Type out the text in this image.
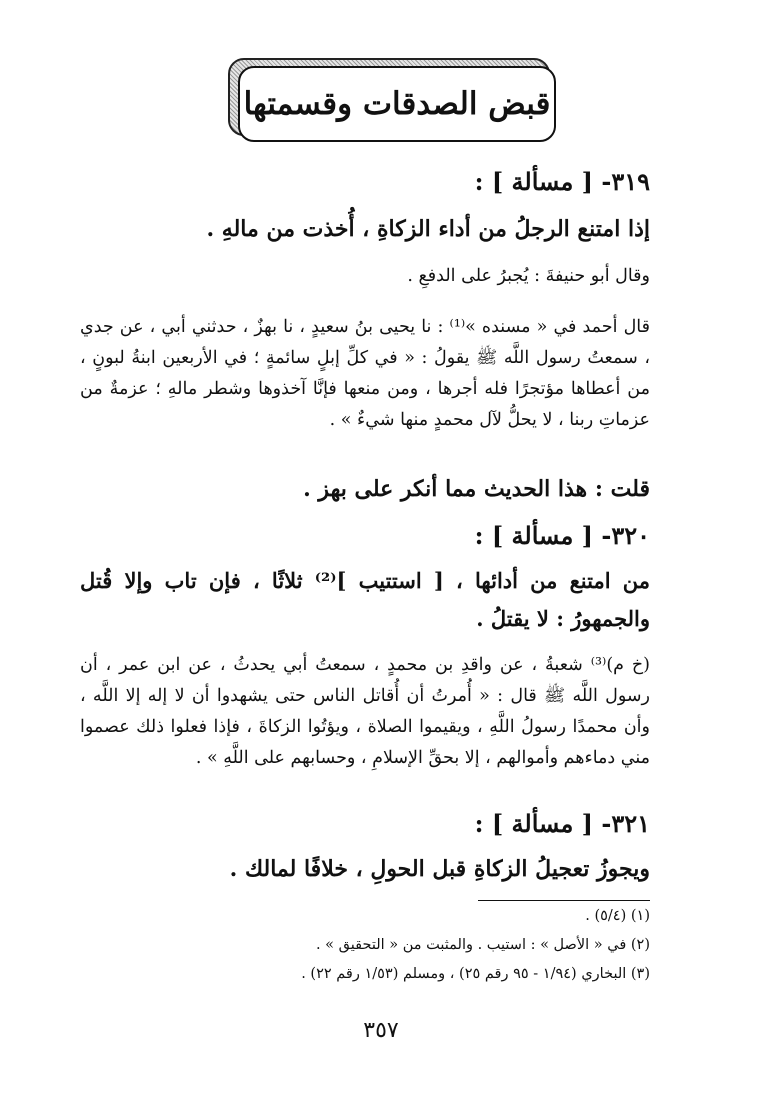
قبض الصدقات وقسمتها
٣١٩- [ مسألة ] :
إذا امتنع الرجلُ من أداء الزكاةِ ، أُخذت من مالهِ .
وقال أبو حنيفةَ : يُجبرُ على الدفعِ .
قال أحمد في « مسنده »⁽¹⁾ : نا يحيى بنُ سعيدٍ ، نا بهزٌ ، حدثني أبي ، عن جدي ، سمعتُ رسول اللَّه ﷺ يقولُ : « في كلِّ إبلٍ سائمةٍ ؛ في الأربعين ابنةُ لبونٍ ، من أعطاها مؤتجرًا فله أجرها ، ومن منعها فإنَّا آخذوها وشطر مالهِ ؛ عزمةٌ من عزماتِ ربنا ، لا يحلُّ لآل محمدٍ منها شيءٌ » .
قلت : هذا الحديث مما أنكر على بهز .
٣٢٠- [ مسألة ] :
من امتنع من أدائها ، [ استتيب ]⁽²⁾ ثلاثًا ، فإن تاب وإلا قُتل والجمهورُ : لا يقتلُ .
(خ م)⁽³⁾ شعبةُ ، عن واقدِ بن محمدٍ ، سمعتُ أبي يحدثُ ، عن ابن عمر ، أن رسول اللَّه ﷺ قال : « أُمرتُ أن أُقاتل الناس حتى يشهدوا أن لا إله إلا اللَّه ، وأن محمدًا رسولُ اللَّهِ ، ويقيموا الصلاة ، ويؤتُوا الزكاةَ ، فإذا فعلوا ذلك عصموا مني دماءهم وأموالهم ، إلا بحقِّ الإسلامِ ، وحسابهم على اللَّهِ » .
٣٢١- [ مسألة ] :
ويجوزُ تعجيلُ الزكاةِ قبل الحولِ ، خلافًا لمالك .
(١) (٥/٤) .
(٢) في « الأصل » : استيب . والمثبت من « التحقيق » .
(٣) البخاري (١/٩٤ - ٩٥ رقم ٢٥) ، ومسلم (١/٥٣ رقم ٢٢) .
٣٥٧
